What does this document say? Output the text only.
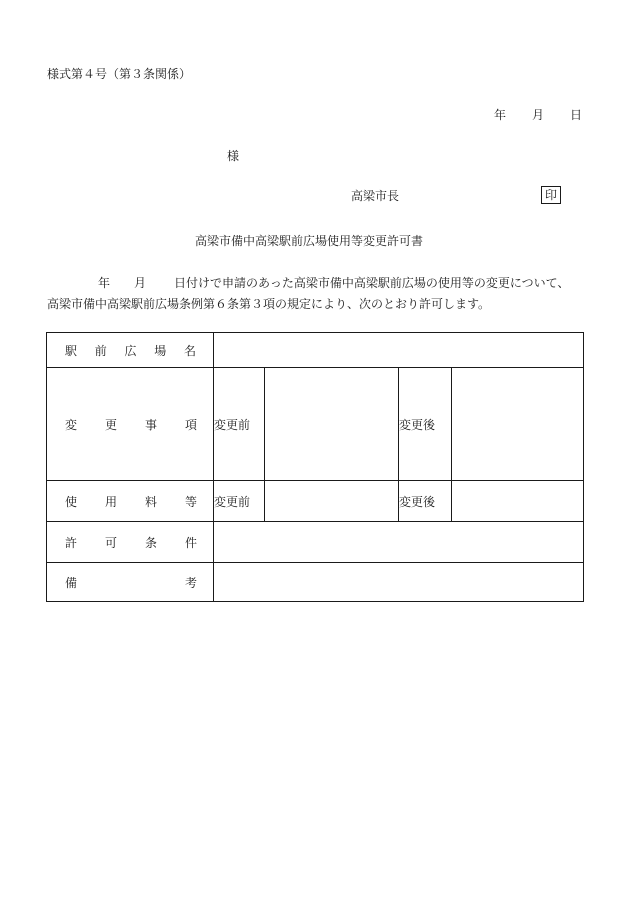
様式第４号（第３条関係）
年 月 日
様
高梁市長	印
高梁市備中高梁駅前広場使用等変更許可書
年 月 日付けで申請のあった高梁市備中高梁駅前広場の使用等の変更について、
高梁市備中高梁駅前広場条例第６条第３項の規定により、次のとおり許可します。
駅 前 広 場 名				

変 更 事 項	変更前		変更後	

使 用 料 等	変更前		変更後	

許 可 条 件				

備 考				
